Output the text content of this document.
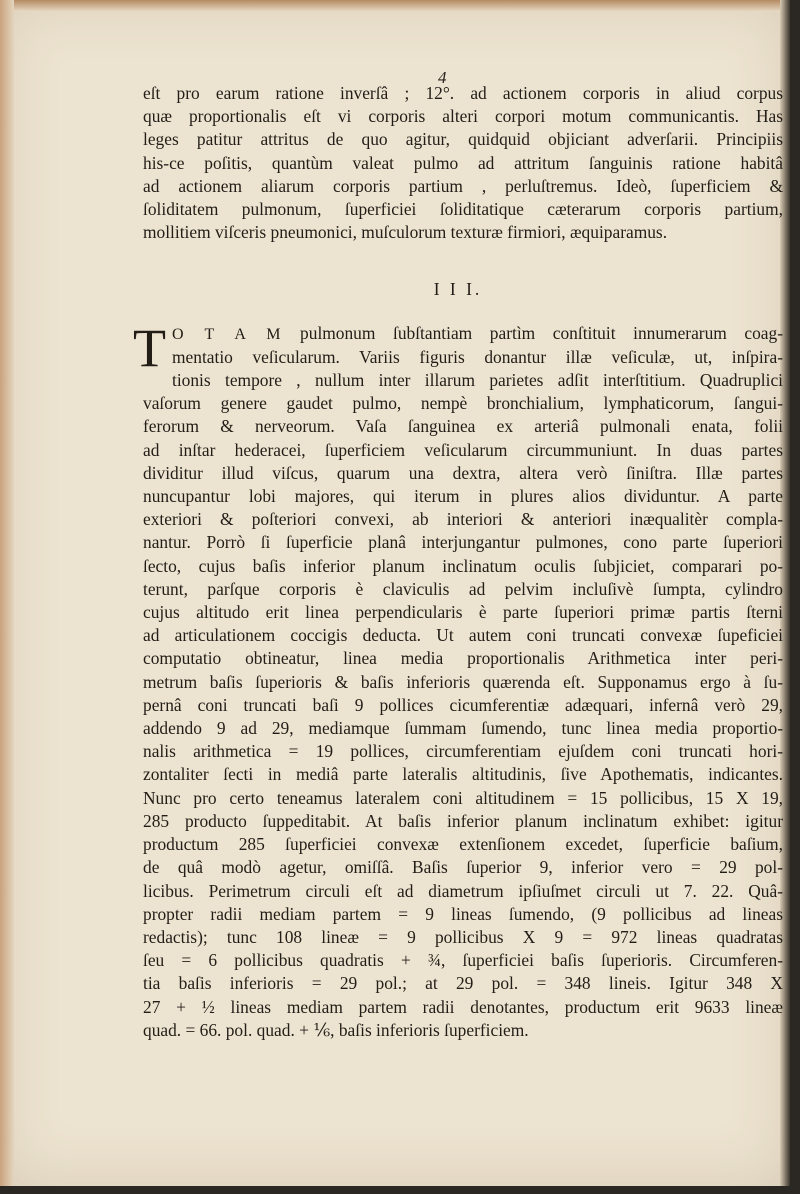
4
eſt pro earum ratione inverſâ ; 12°. ad actionem corporis in aliud corpus
quæ proportionalis eſt vi corporis alteri corpori motum communicantis. Has
leges patitur attritus de quo agitur, quidquid objiciant adverſarii. Principiis
his-ce poſitis, quantùm valeat pulmo ad attritum ſanguinis ratione habitâ
ad actionem aliarum corporis partium , perluſtremus. Ideò, ſuperficiem &
ſoliditatem pulmonum, ſuperficiei ſoliditatique cæterarum corporis partium,
mollitiem viſceris pneumonici, muſculorum texturæ firmiori, æquiparamus.
I I I.
T O T A M pulmonum ſubſtantiam partìm conſtituit innumerarum coag-
mentatio veſicularum. Variis figuris donantur illæ veſiculæ, ut, inſpira-
tionis tempore , nullum inter illarum parietes adſit interſtitium. Quadruplici
vaſorum genere gaudet pulmo, nempè bronchialium, lymphaticorum, ſangui-
ferorum & nerveorum. Vaſa ſanguinea ex arteriâ pulmonali enata, folii
ad inſtar hederacei, ſuperficiem veſicularum circummuniunt. In duas partes
dividitur illud viſcus, quarum una dextra, altera verò ſiniſtra. Illæ partes
nuncupantur lobi majores, qui iterum in plures alios dividuntur. A parte
exteriori & poſteriori convexi, ab interiori & anteriori inæqualitèr compla-
nantur. Porrò ſi ſuperficie planâ interjungantur pulmones, cono parte ſuperiori
ſecto, cujus baſis inferior planum inclinatum oculis ſubjiciet, comparari po-
terunt, parſque corporis è claviculis ad pelvim incluſivè ſumpta, cylindro
cujus altitudo erit linea perpendicularis è parte ſuperiori primæ partis ſterni
ad articulationem coccigis deducta. Ut autem coni truncati convexæ ſupeficiei
computatio obtineatur, linea media proportionalis Arithmetica inter peri-
metrum baſis ſuperioris & baſis inferioris quærenda eſt. Supponamus ergo à ſu-
pernâ coni truncati baſi 9 pollices cicumferentiæ adæquari, infernâ verò 29,
addendo 9 ad 29, mediamque ſummam ſumendo, tunc linea media proportio-
nalis arithmetica = 19 pollices, circumferentiam ejuſdem coni truncati hori-
zontaliter ſecti in mediâ parte lateralis altitudinis, ſive Apothematis, indicantes.
Nunc pro certo teneamus lateralem coni altitudinem = 15 pollicibus, 15 X 19,
285 producto ſuppeditabit. At baſis inferior planum inclinatum exhibet: igitur
productum 285 ſuperficiei convexæ extenſionem excedet, ſuperficie baſium,
de quâ modò agetur, omiſſâ. Baſis ſuperior 9, inferior vero = 29 pol-
licibus. Perimetrum circuli eſt ad diametrum ipſiuſmet circuli ut 7. 22. Quâ-
propter radii mediam partem = 9 lineas ſumendo, (9 pollicibus ad lineas
redactis); tunc 108 lineæ = 9 pollicibus X 9 = 972 lineas quadratas
ſeu = 6 pollicibus quadratis + ¾, ſuperficiei baſis ſuperioris. Circumferen-
tia baſis inferioris = 29 pol.; at 29 pol. = 348 lineis. Igitur 348 X
27 + ½ lineas mediam partem radii denotantes, productum erit 9633 lineæ
quad. = 66. pol. quad. + ⅙, baſis inferioris ſuperficiem.
